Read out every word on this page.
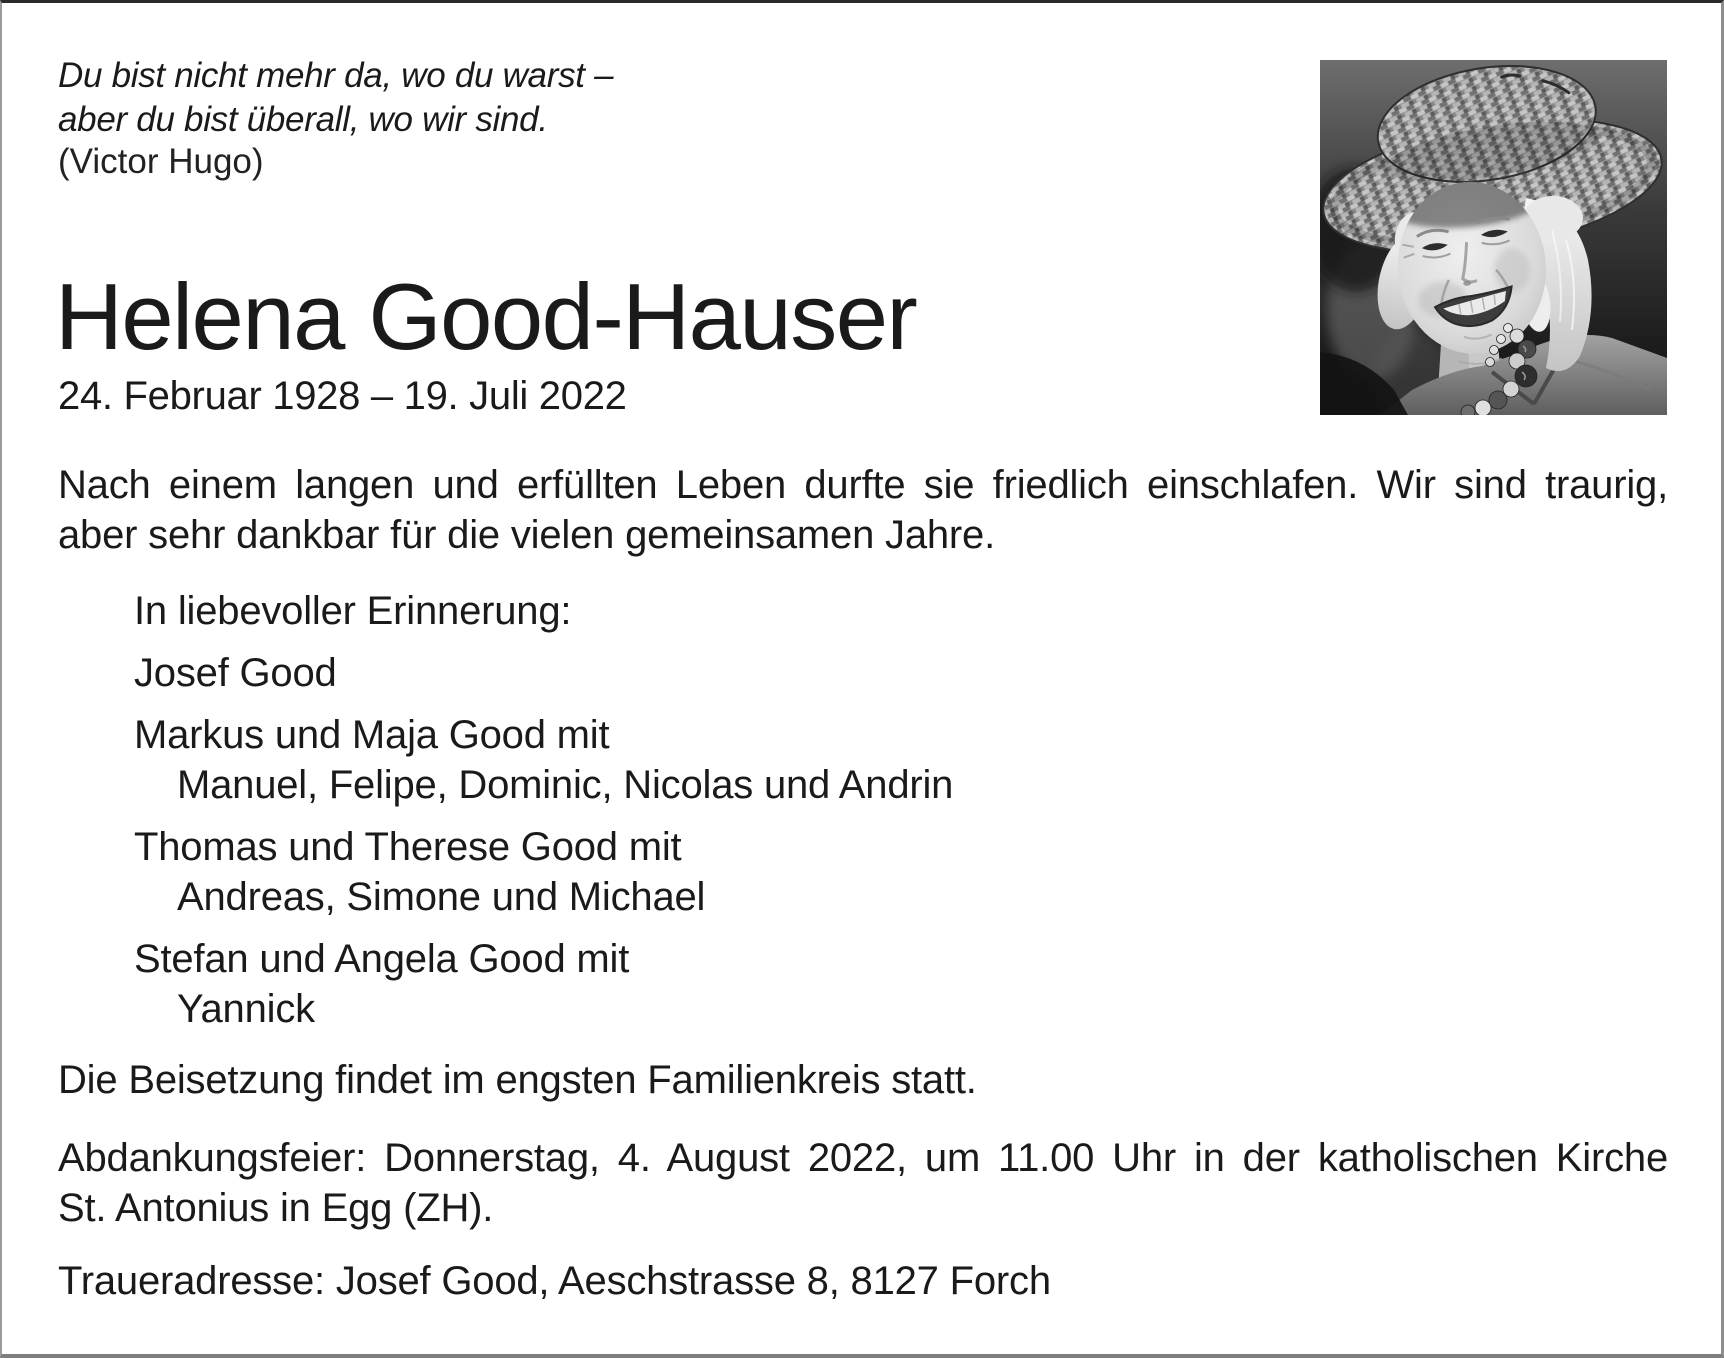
Du bist nicht mehr da, wo du warst –
aber du bist überall, wo wir sind.
(Victor Hugo)
Helena Good-Hauser
24. Februar 1928 – 19. Juli 2022
Nach einem langen und erfüllten Leben durfte sie friedlich einschlafen. Wir sind traurig,
aber sehr dankbar für die vielen gemeinsamen Jahre.
In liebevoller Erinnerung:
Josef Good
Markus und Maja Good mit
Manuel, Felipe, Dominic, Nicolas und Andrin
Thomas und Therese Good mit
Andreas, Simone und Michael
Stefan und Angela Good mit
Yannick
Die Beisetzung findet im engsten Familienkreis statt.
Abdankungsfeier: Donnerstag, 4. August 2022, um 11.00 Uhr in der katholischen Kirche
St. Antonius in Egg (ZH).
Traueradresse: Josef Good, Aeschstrasse 8, 8127 Forch
